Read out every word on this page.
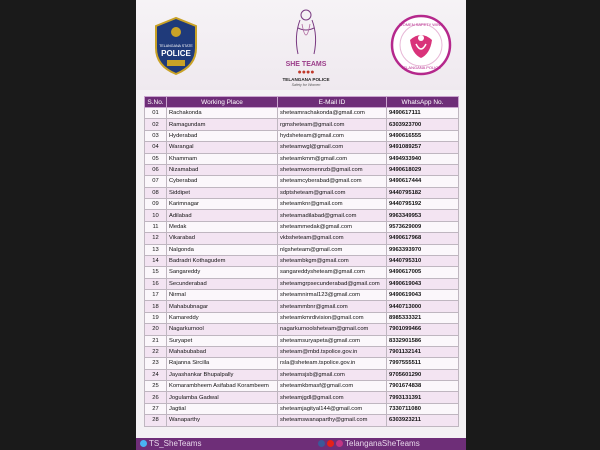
TELANGANA STATE
POLICE
SHE TEAMS
●●●●
TELANGANA POLICE
Safety for Women
WOMEN SAFETY WING
TELANGANA POLICE
S.No.	Working Place	E-Mail ID	WhatsApp No.
01	Rachakonda	sheteamrachakonda@gmail.com	9490617111
02	Ramagundam	rgmsheteam@gmail.com	6303923700
03	Hyderabad	hydsheteam@gmail.com	9490616555
04	Warangal	sheteamwgl@gmail.com	9491089257
05	Khammam	sheteamkmm@gmail.com	9494933940
06	Nizamabad	sheteamwomennzb@gmail.com	9490618029
07	Cyberabad	sheteamcyberabad@gmail.com	9490617444
08	Siddipet	sdptsheteam@gmail.com	9440795182
09	Karimnagar	sheteamknr@gmail.com	9440795192
10	Adilabad	sheteamadilabad@gmail.com	9963349953
11	Medak	sheteammedak@gmail.com	9573629009
12	Vikarabad	vkbsheteam@gmail.com	9490617968
13	Nalgonda	nlgsheteam@gmail.com	9963393970
14	Badradri Kothagudem	sheteambkgm@gmail.com	9440795310
15	Sangareddy	sangareddysheteam@gmail.com	9490617005
16	Secunderabad	sheteamgrpsecunderabad@gmail.com	9490619043
17	Nirmal	sheteamnirmal123@gmail.com	9490619043
18	Mahabubnagar	sheteammbnr@gmail.com	9440713000
19	Kamareddy	sheteamkmrdivision@gmail.com	8985333321
20	Nagarkurnool	nagarkurnoolsheteam@gmail.com	7901099466
21	Suryapet	sheteamsuryapeta@gmail.com	8332901586
22	Mahabubabad	sheteam@mbd.tspolice.gov.in	7901132141
23	Rajanna Sircilla	rsla@sheteam.tspolice.gov.in	7997555511
24	Jayashankar Bhupalpally	sheteamsjsb@gmail.com	9705601290
25	Komarambheem Asifabad Korambeem	sheteamkbmasf@gmail.com	7901674838
26	Jogulamba Gadwal	sheteamjgdl@gmail.com	7993131391
27	Jagtial	sheteamjagityal144@gmail.com	7330711080
28	Wanaparthy	sheteamswanaparthy@gmail.com	6303923211
TS_SheTeams	TelanganaSheTeams
